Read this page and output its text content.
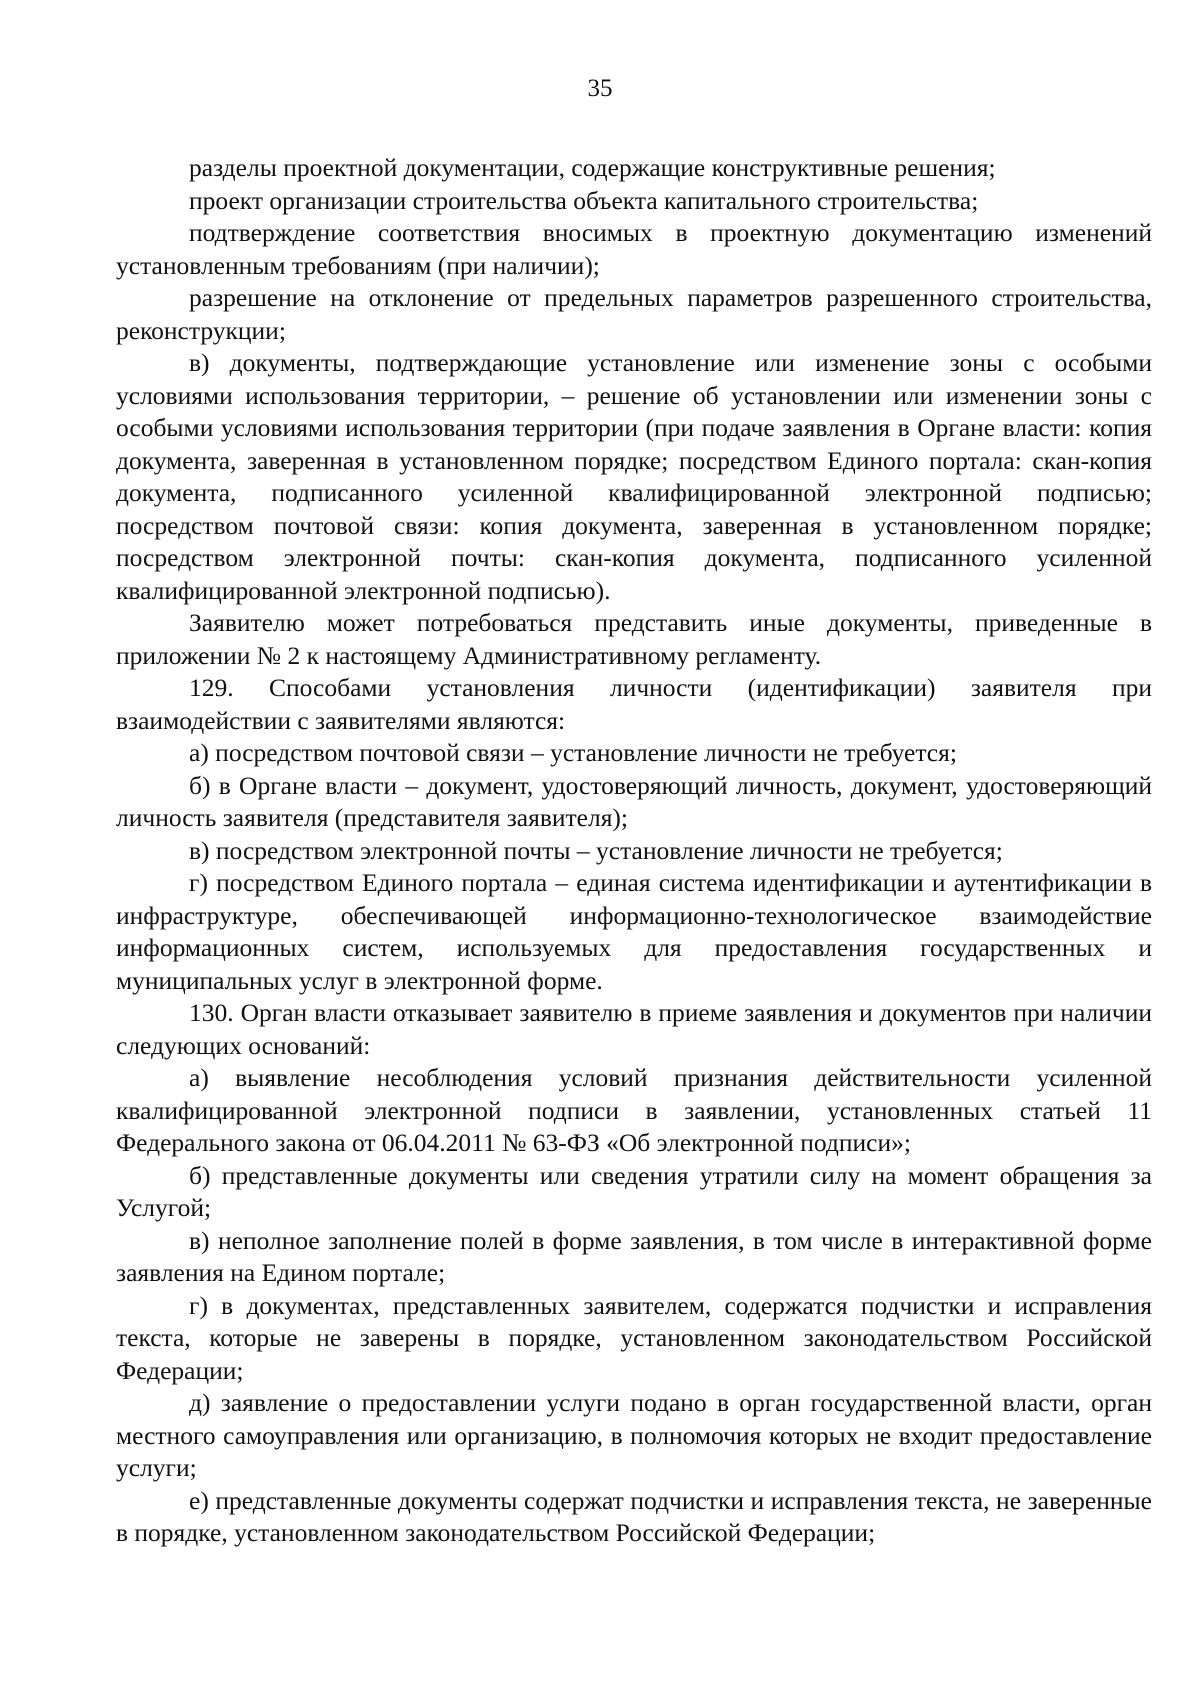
35

разделы проектной документации, содержащие конструктивные решения;

проект организации строительства объекта капитального строительства;

подтверждение соответствия вносимых в проектную документацию изменений установленным требованиям (при наличии);

разрешение на отклонение от предельных параметров разрешенного строительства, реконструкции;

в) документы, подтверждающие установление или изменение зоны с особыми условиями использования территории, – решение об установлении или изменении зоны с особыми условиями использования территории (при подаче заявления в Органе власти: копия документа, заверенная в установленном порядке; посредством Единого портала: скан-копия документа, подписанного усиленной квалифицированной электронной подписью; посредством почтовой связи: копия документа, заверенная в установленном порядке; посредством электронной почты: скан-копия документа, подписанного усиленной квалифицированной электронной подписью).

Заявителю может потребоваться представить иные документы, приведенные в приложении № 2 к настоящему Административному регламенту.

129. Способами установления личности (идентификации) заявителя при взаимодействии с заявителями являются:

а) посредством почтовой связи – установление личности не требуется;

б) в Органе власти – документ, удостоверяющий личность, документ, удостоверяющий личность заявителя (представителя заявителя);

в) посредством электронной почты – установление личности не требуется;

г) посредством Единого портала – единая система идентификации и аутентификации в инфраструктуре, обеспечивающей информационно-технологическое взаимодействие информационных систем, используемых для предоставления государственных и муниципальных услуг в электронной форме.

130. Орган власти отказывает заявителю в приеме заявления и документов при наличии следующих оснований:

а) выявление несоблюдения условий признания действительности усиленной квалифицированной электронной подписи в заявлении, установленных статьей 11 Федерального закона от 06.04.2011 № 63-ФЗ «Об электронной подписи»;

б) представленные документы или сведения утратили силу на момент обращения за Услугой;

в) неполное заполнение полей в форме заявления, в том числе в интерактивной форме заявления на Едином портале;

г) в документах, представленных заявителем, содержатся подчистки и исправления текста, которые не заверены в порядке, установленном законодательством Российской Федерации;

д) заявление о предоставлении услуги подано в орган государственной власти, орган местного самоуправления или организацию, в полномочия которых не входит предоставление услуги;

е) представленные документы содержат подчистки и исправления текста, не заверенные в порядке, установленном законодательством Российской Федерации;
